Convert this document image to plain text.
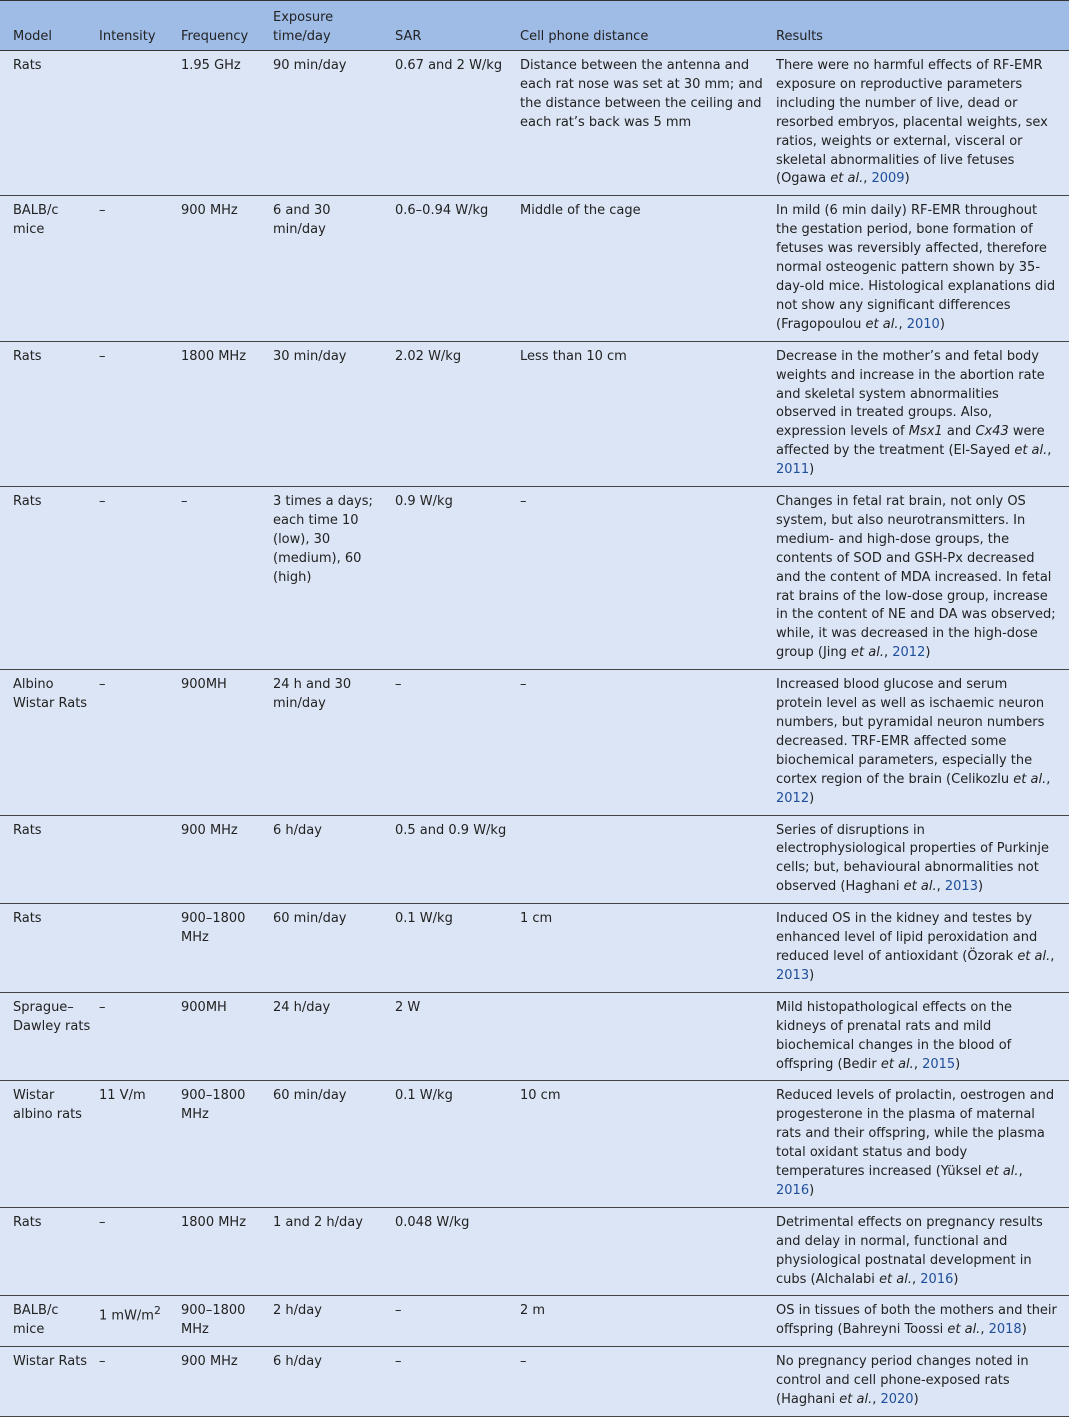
Model	Intensity	Frequency	Exposure time/day	SAR	Cell phone distance	Results
Rats		1.95 GHz	90 min/day	0.67 and 2 W/kg	Distance between the antenna and each rat nose was set at 30 mm; and the distance between the ceiling and each rat’s back was 5 mm	There were no harmful effects of RF-EMR exposure on reproductive parameters including the number of live, dead or resorbed embryos, placental weights, sex ratios, weights or external, visceral or skeletal abnormalities of live fetuses (Ogawa et al., 2009)
BALB/c mice	–	900 MHz	6 and 30 min/day	0.6–0.94 W/kg	Middle of the cage	In mild (6 min daily) RF-EMR throughout the gestation period, bone formation of fetuses was reversibly affected, therefore normal osteogenic pattern shown by 35-day-old mice. Histological explanations did not show any significant differences (Fragopoulou et al., 2010)
Rats	–	1800 MHz	30 min/day	2.02 W/kg	Less than 10 cm	Decrease in the mother’s and fetal body weights and increase in the abortion rate and skeletal system abnormalities observed in treated groups. Also, expression levels of Msx1 and Cx43 were affected by the treatment (El-Sayed et al., 2011)
Rats	–	–	3 times a days; each time 10 (low), 30 (medium), 60 (high)	0.9 W/kg	–	Changes in fetal rat brain, not only OS system, but also neurotransmitters. In medium- and high-dose groups, the contents of SOD and GSH-Px decreased and the content of MDA increased. In fetal rat brains of the low-dose group, increase in the content of NE and DA was observed; while, it was decreased in the high-dose group (Jing et al., 2012)
Albino Wistar Rats	–	900MH	24 h and 30 min/day	–	–	Increased blood glucose and serum protein level as well as ischaemic neuron numbers, but pyramidal neuron numbers decreased. TRF-EMR affected some biochemical parameters, especially the cortex region of the brain (Celikozlu et al., 2012)
Rats		900 MHz	6 h/day	0.5 and 0.9 W/kg		Series of disruptions in electrophysiological properties of Purkinje cells; but, behavioural abnormalities not observed (Haghani et al., 2013)
Rats		900–1800 MHz	60 min/day	0.1 W/kg	1 cm	Induced OS in the kidney and testes by enhanced level of lipid peroxidation and reduced level of antioxidant (Özorak et al., 2013)
Sprague–Dawley rats	–	900MH	24 h/day	2 W		Mild histopathological effects on the kidneys of prenatal rats and mild biochemical changes in the blood of offspring (Bedir et al., 2015)
Wistar albino rats	11 V/m	900–1800 MHz	60 min/day	0.1 W/kg	10 cm	Reduced levels of prolactin, oestrogen and progesterone in the plasma of maternal rats and their offspring, while the plasma total oxidant status and body temperatures increased (Yüksel et al., 2016)
Rats	–	1800 MHz	1 and 2 h/day	0.048 W/kg		Detrimental effects on pregnancy results and delay in normal, functional and physiological postnatal development in cubs (Alchalabi et al., 2016)
BALB/c mice	1 $mW/m^2$	900–1800 MHz	2 h/day	–	2 m	OS in tissues of both the mothers and their offspring (Bahreyni Toossi et al., 2018)
Wistar Rats	–	900 MHz	6 h/day	–	–	No pregnancy period changes noted in control and cell phone-exposed rats (Haghani et al., 2020)
